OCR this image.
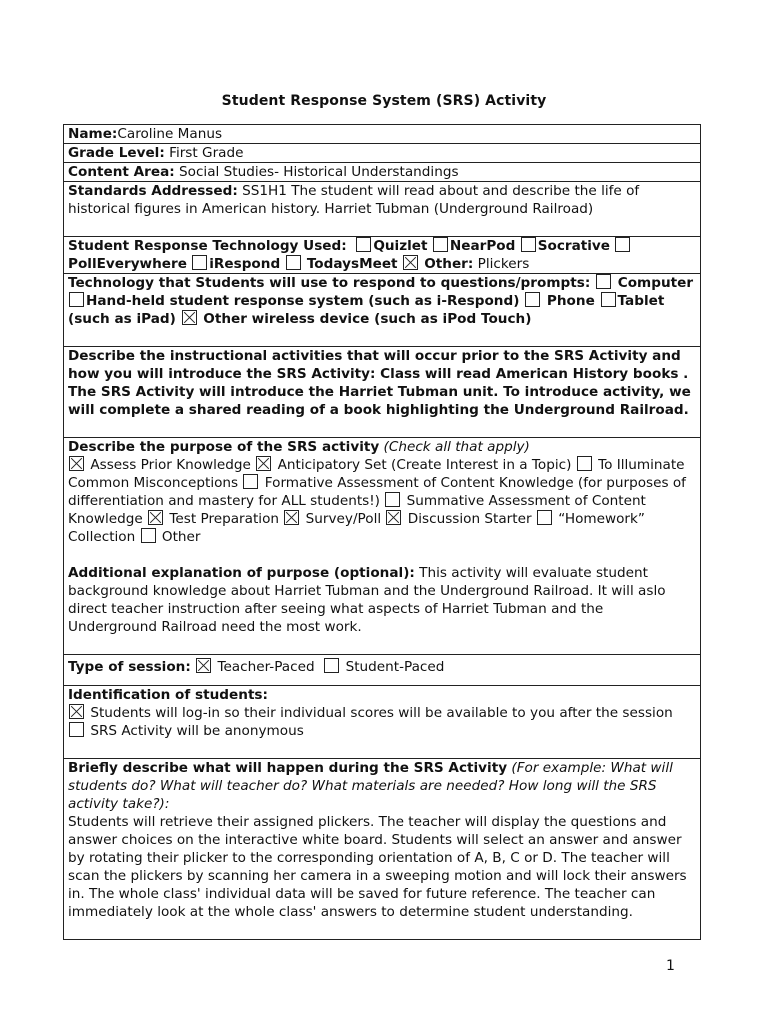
Student Response System (SRS) Activity
Name:Caroline Manus
Grade Level: First Grade
Content Area: Social Studies- Historical Understandings
Standards Addressed: SS1H1 The student will read about and describe the life of historical figures in American history. Harriet Tubman (Underground Railroad)
Student Response Technology Used: Quizlet NearPod Socrative  PollEverywhere iRespond TodaysMeet Other: Plickers
Technology that Students will use to respond to questions/prompts: Computer Hand-held student response system (such as i-Respond) Phone Tablet (such as iPad) Other wireless device (such as iPod Touch)
Describe the instructional activities that will occur prior to the SRS Activity and how you will introduce the SRS Activity: Class will read American History books . The SRS Activity will introduce the Harriet Tubman unit. To introduce activity, we will complete a shared reading of a book highlighting the Underground Railroad.
Describe the purpose of the SRS activity (Check all that apply)
Assess Prior Knowledge Anticipatory Set (Create Interest in a Topic) To Illuminate Common Misconceptions Formative Assessment of Content Knowledge (for purposes of differentiation and mastery for ALL students!) Summative Assessment of Content Knowledge Test Preparation Survey/Poll Discussion Starter “Homework” Collection Other

Additional explanation of purpose (optional): This activity will evaluate student background knowledge about Harriet Tubman and the Underground Railroad. It will aslo direct teacher instruction after seeing what aspects of Harriet Tubman and the Underground Railroad need the most work.
Type of session: Teacher-Paced Student-Paced
Identification of students:
Students will log-in so their individual scores will be available to you after the session
SRS Activity will be anonymous
Briefly describe what will happen during the SRS Activity (For example: What will students do? What will teacher do? What materials are needed? How long will the SRS activity take?):
Students will retrieve their assigned plickers. The teacher will display the questions and answer choices on the interactive white board. Students will select an answer and answer by rotating their plicker to the corresponding orientation of A, B, C or D. The teacher will scan the plickers by scanning her camera in a sweeping motion and will lock their answers in. The whole class' individual data will be saved for future reference. The teacher can immediately look at the whole class' answers to determine student understanding.
1
